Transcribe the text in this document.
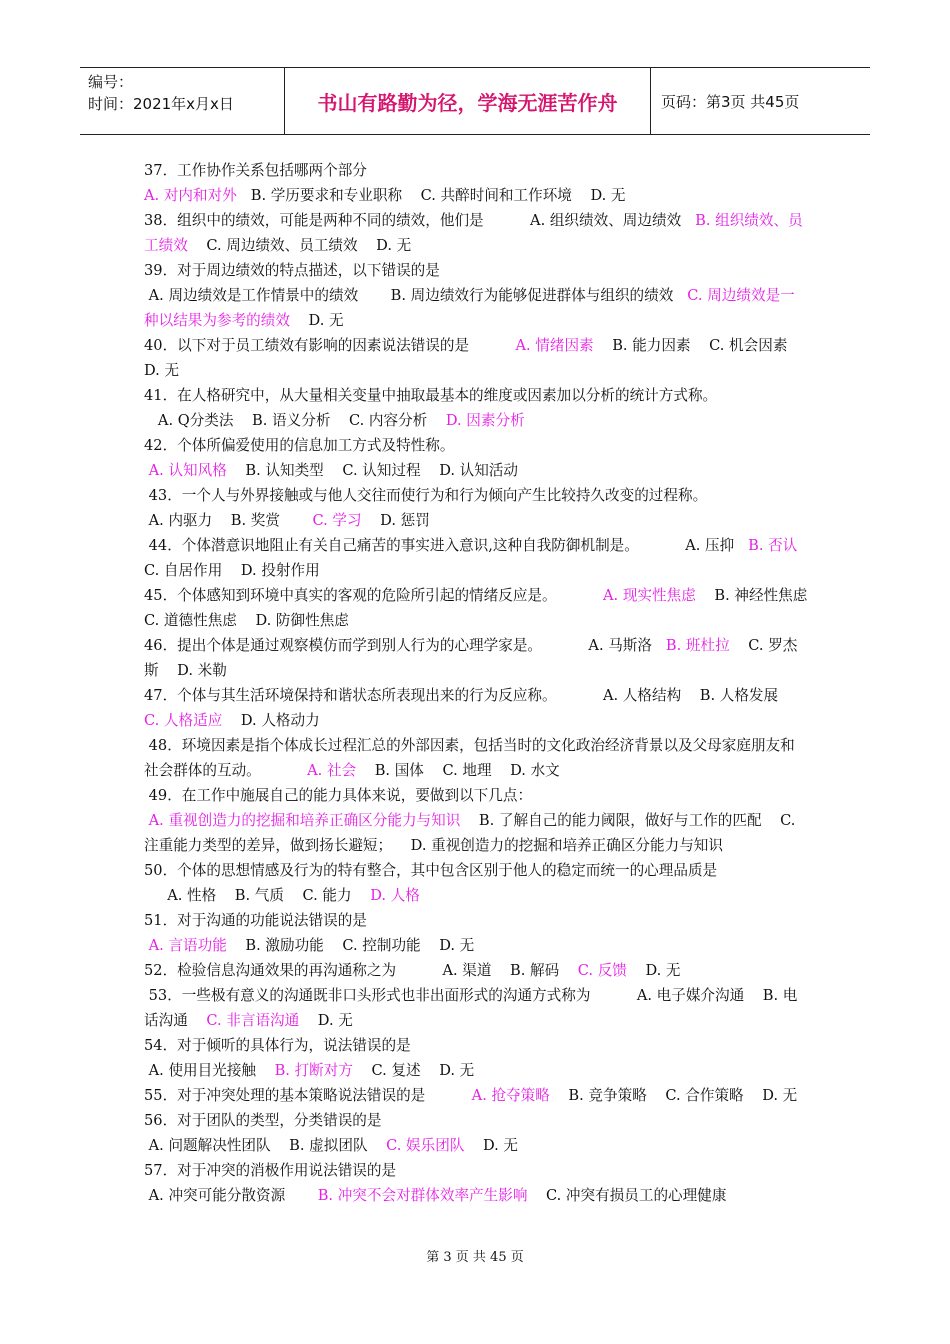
编号：
时间：2021年x月x日	书山有路勤为径，学海无涯苦作舟	页码：第3页 共45页

37．工作协作关系包括哪两个部分

A. 对内和对外   B. 学历要求和专业职称    C. 共醉时间和工作环境    D. 无

38．组织中的绩效，可能是两种不同的绩效，他们是          A. 组织绩效、周边绩效   B. 组织绩效、员工绩效    C. 周边绩效、员工绩效    D. 无

39．对于周边绩效的特点描述，以下错误的是

A. 周边绩效是工作情景中的绩效       B. 周边绩效行为能够促进群体与组织的绩效   C. 周边绩效是一种以结果为参考的绩效    D. 无

40．以下对于员工绩效有影响的因素说法错误的是          A. 情绪因素    B. 能力因素    C. 机会因素    D. 无

41．在人格研究中，从大量相关变量中抽取最基本的维度或因素加以分析的统计方式称。

A. Q分类法    B. 语义分析    C. 内容分析    D. 因素分析

42．个体所偏爱使用的信息加工方式及特性称。

A. 认知风格    B. 认知类型    C. 认知过程    D. 认知活动

43．一个人与外界接触或与他人交往而使行为和行为倾向产生比较持久改变的过程称。

A. 内驱力    B. 奖赏       C. 学习    D. 惩罚

44．个体潜意识地阻止有关自己痛苦的事实进入意识,这种自我防御机制是。          A. 压抑   B. 否认    C. 自居作用    D. 投射作用

45．个体感知到环境中真实的客观的危险所引起的情绪反应是。          A. 现实性焦虑    B. 神经性焦虑    C. 道德性焦虑    D. 防御性焦虑

46．提出个体是通过观察模仿而学到别人行为的心理学家是。          A. 马斯洛   B. 班杜拉    C. 罗杰斯    D. 米勒

47．个体与其生活环境保持和谐状态所表现出来的行为反应称。          A. 人格结构    B. 人格发展    C. 人格适应    D. 人格动力

48．环境因素是指个体成长过程汇总的外部因素，包括当时的文化政治经济背景以及父母家庭朋友和社会群体的互动。          A. 社会    B. 国体    C. 地理    D. 水文

49．在工作中施展自己的能力具体来说，要做到以下几点：

A. 重视创造力的挖掘和培养正确区分能力与知识    B. 了解自己的能力阈限，做好与工作的匹配    C. 注重能力类型的差异，做到扬长避短；    D. 重视创造力的挖掘和培养正确区分能力与知识

50．个体的思想情感及行为的特有整合，其中包含区别于他人的稳定而统一的心理品质是

A. 性格    B. 气质    C. 能力    D. 人格

51．对于沟通的功能说法错误的是

A. 言语功能    B. 激励功能    C. 控制功能    D. 无

52．检验信息沟通效果的再沟通称之为          A. 渠道    B. 解码    C. 反馈    D. 无

53．一些极有意义的沟通既非口头形式也非出面形式的沟通方式称为          A. 电子媒介沟通    B. 电话沟通    C. 非言语沟通    D. 无

54．对于倾听的具体行为，说法错误的是

A. 使用目光接触    B. 打断对方    C. 复述    D. 无

55．对于冲突处理的基本策略说法错误的是          A. 抢夺策略    B. 竞争策略    C. 合作策略    D. 无 56．对于团队的类型，分类错误的是

A. 问题解决性团队    B. 虚拟团队    C. 娱乐团队    D. 无

57．对于冲突的消极作用说法错误的是

A. 冲突可能分散资源       B. 冲突不会对群体效率产生影响    C. 冲突有损员工的心理健康

第 3 页 共 45 页
